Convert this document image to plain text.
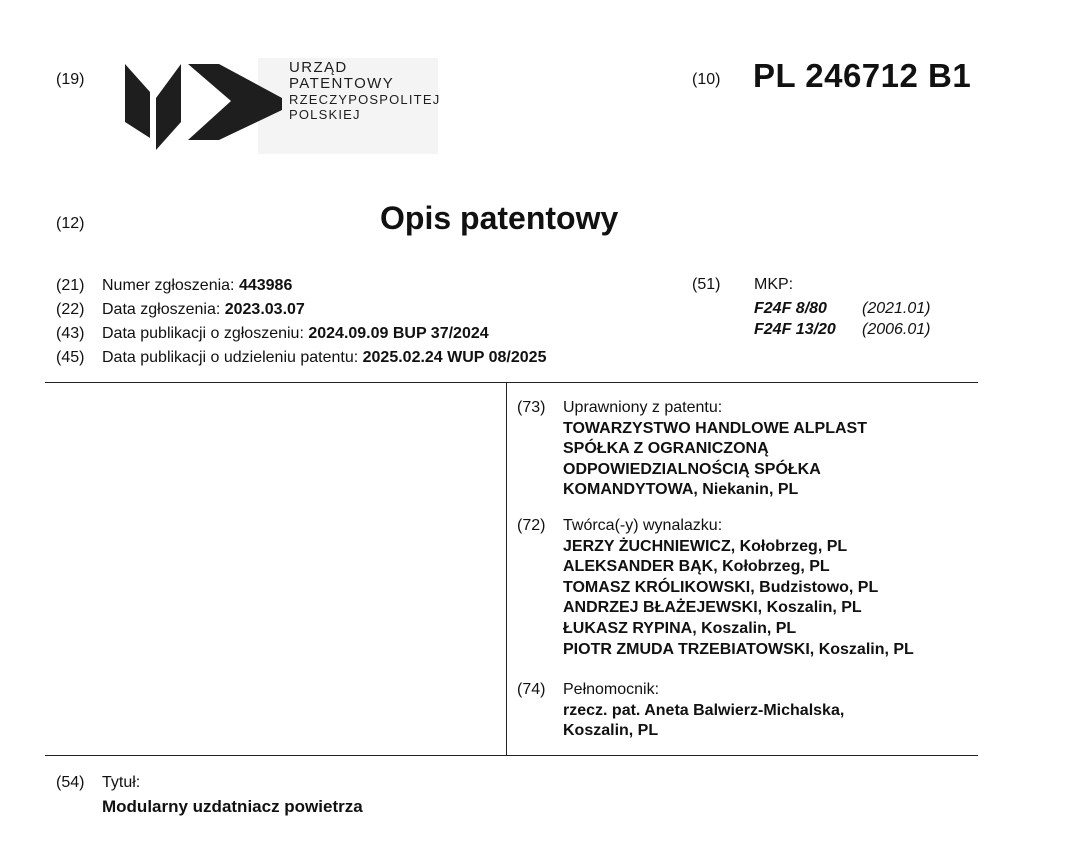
(19)
URZĄD
PATENTOWY
RZECZYPOSPOLITEJ
POLSKIEJ
(10) PL 246712 B1
(12)	Opis patentowy
(21) Numer zgłoszenia: 443986
(22) Data zgłoszenia: 2023.03.07
(43) Data publikacji o zgłoszeniu: 2024.09.09 BUP 37/2024
(45) Data publikacji o udzieleniu patentu: 2025.02.24 WUP 08/2025
(51) MKP:
F24F 8/80 (2021.01)
F24F 13/20 (2006.01)
(73) Uprawniony z patentu:
TOWARZYSTWO HANDLOWE ALPLAST
SPÓŁKA Z OGRANICZONĄ
ODPOWIEDZIALNOŚCIĄ SPÓŁKA
KOMANDYTOWA, Niekanin, PL
(72) Twórca(-y) wynalazku:
JERZY ŻUCHNIEWICZ, Kołobrzeg, PL
ALEKSANDER BĄK, Kołobrzeg, PL
TOMASZ KRÓLIKOWSKI, Budzistowo, PL
ANDRZEJ BŁAŻEJEWSKI, Koszalin, PL
ŁUKASZ RYPINA, Koszalin, PL
PIOTR ZMUDA TRZEBIATOWSKI, Koszalin, PL
(74) Pełnomocnik:
rzecz. pat. Aneta Balwierz-Michalska,
Koszalin, PL
(54) Tytuł:
Modularny uzdatniacz powietrza
